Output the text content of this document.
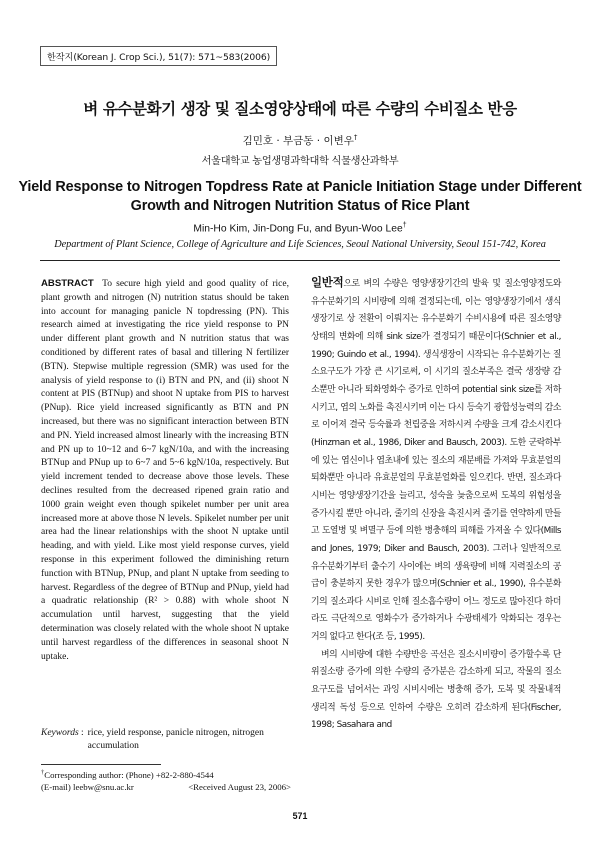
한작지(Korean J. Crop Sci.), 51(7): 571~583(2006)
벼 유수분화기 생장 및 질소영양상태에 따른 수량의 수비질소 반응
김민호 · 부금동 · 이변우†
서울대학교 농업생명과학대학 식물생산과학부
Yield Response to Nitrogen Topdress Rate at Panicle Initiation Stage under Different
Growth and Nitrogen Nutrition Status of Rice Plant
Min-Ho Kim, Jin-Dong Fu, and Byun-Woo Lee†
Department of Plant Science, College of Agriculture and Life Sciences, Seoul National University, Seoul 151-742, Korea
ABSTRACT To secure high yield and good quality of rice, plant growth and nitrogen (N) nutrition status should be taken into account for managing panicle N topdressing (PN). This research aimed at investigating the rice yield response to PN under different plant growth and N nutrition status that was conditioned by different rates of basal and tillering N fertilizer (BTN). Stepwise multiple regression (SMR) was used for the analysis of yield response to (i) BTN and PN, and (ii) shoot N content at PIS (BTNup) and shoot N uptake from PIS to harvest (PNup). Rice yield increased significantly as BTN and PN increased, but there was no significant interaction between BTN and PN. Yield increased almost linearly with the increasing BTN and PN up to 10~12 and 6~7 kgN/10a, and with the increasing BTNup and PNup up to 6~7 and 5~6 kgN/10a, respectively. But yield increment tended to decrease above those levels. These declines resulted from the decreased ripened grain ratio and 1000 grain weight even though spikelet number per unit area increased more at above those N levels. Spikelet number per unit area had the linear relationships with the shoot N uptake until heading, and with yield. Like most yield response curves, yield response in this experiment followed the diminishing return function with BTNup, PNup, and plant N uptake from seeding to harvest. Regardless of the degree of BTNup and PNup, yield had a quadratic relationship (R² > 0.88) with whole shoot N accumulation until harvest, suggesting that the yield determination was closely related with the whole shoot N uptake until harvest regardless of the differences in seasonal shoot N uptake.
Keywords : rice, yield response, panicle nitrogen, nitrogen accumulation
†Corresponding author: (Phone) +82-2-880-4544
(E-mail) leebw@snu.ac.kr	<Received August 23, 2006>

일반적으로 벼의 수량은 영양생장기간의 발육 및 질소영양정도와 유수분화기의 시비량에 의해 결정되는데, 이는 영양생장기에서 생식생장기로 상 전환이 이뤄지는 유수분화기 수비시용에 따른 질소영양상태의 변화에 의해 sink size가 결정되기 때문이다(Schnier et al., 1990; Guindo et al., 1994). 생식생장이 시작되는 유수분화기는 질소요구도가 가장 큰 시기로써, 이 시기의 질소부족은 결국 생장량 감소뿐만 아니라 퇴화영화수 증가로 인하여 potential sink size를 저하시키고, 엽의 노화를 촉진시키며 이는 다시 등숙기 광합성능력의 감소로 이어져 결국 등숙률과 천립중을 저하시켜 수량을 크게 감소시킨다(Hinzman et al., 1986, Diker and Bausch, 2003). 도한 군락하부에 있는 엽신이나 엽초내에 있는 질소의 재분배를 가져와 무효분얼의 퇴화뿐만 아니라 유효분얼의 무효분얼화를 일으킨다. 반면, 질소과다시비는 영양생장기간을 늘리고, 성숙을 늦춤으로써 도복의 위험성을 증가시킬 뿐만 아니라, 줄기의 신장을 촉진시켜 줄기를 연약하게 만들고 도열병 및 벼멸구 등에 의한 병충해의 피해를 가져올 수 있다(Mills and Jones, 1979; Diker and Bausch, 2003). 그러나 일반적으로 유수분화기부터 출수기 사이에는 벼의 생육량에 비해 지력질소의 공급이 충분하지 못한 경우가 많으며(Schnier et al., 1990), 유수분화기의 질소과다 시비로 인해 질소흡수량이 어느 정도로 많아진다 하더라도 극단적으로 영화수가 증가하거나 수광태세가 악화되는 경우는 거의 없다고 한다(조 등, 1995).

벼의 시비량에 대한 수량반응 곡선은 질소시비량이 증가할수록 단위질소량 증가에 의한 수량의 증가분은 감소하게 되고, 작물의 질소 요구도를 넘어서는 과잉 시비시에는 병충해 증가, 도복 및 작물내적 생리적 독성 등으로 인하여 수량은 오히려 감소하게 된다(Fischer, 1998; Sasahara and

571
